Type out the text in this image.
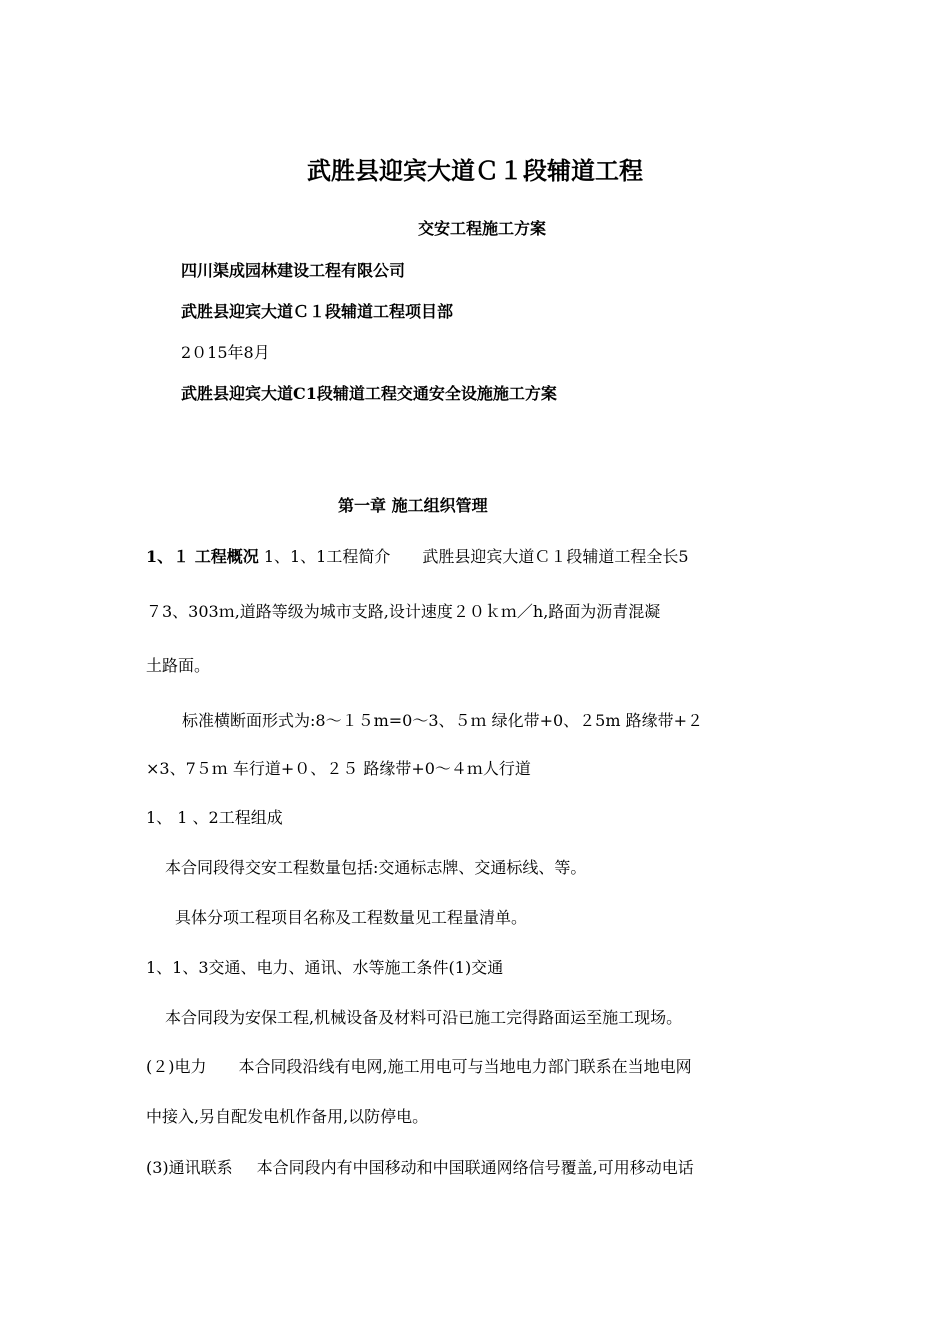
武胜县迎宾大道Ｃ１段辅道工程
交安工程施工方案
四川渠成园林建设工程有限公司
武胜县迎宾大道Ｃ１段辅道工程项目部
2０15年8月
武胜县迎宾大道C1段辅道工程交通安全设施施工方案
第一章 施工组织管理
1、１ 工程概况 1、1、1工程简介 武胜县迎宾大道Ｃ１段辅道工程全长5
７3、303ｍ,道路等级为城市支路,设计速度２０ｋｍ／h,路面为沥青混凝
土路面。
标准横断面形式为:8～１５m=0～3、５ｍ 绿化带+0、２5m 路缘带+２
×3、7５ｍ 车行道+０、２５ 路缘带+0～４ｍ人行道
1、 1 、2工程组成
本合同段得交安工程数量包括:交通标志牌、交通标线、等。
具体分项工程项目名称及工程数量见工程量清单。
1、1、3交通、电力、通讯、水等施工条件(1)交通
本合同段为安保工程,机械设备及材料可沿已施工完得路面运至施工现场。
(２)电力 本合同段沿线有电网,施工用电可与当地电力部门联系在当地电网
中接入,另自配发电机作备用,以防停电。
(3)通讯联系 本合同段内有中国移动和中国联通网络信号覆盖,可用移动电话
